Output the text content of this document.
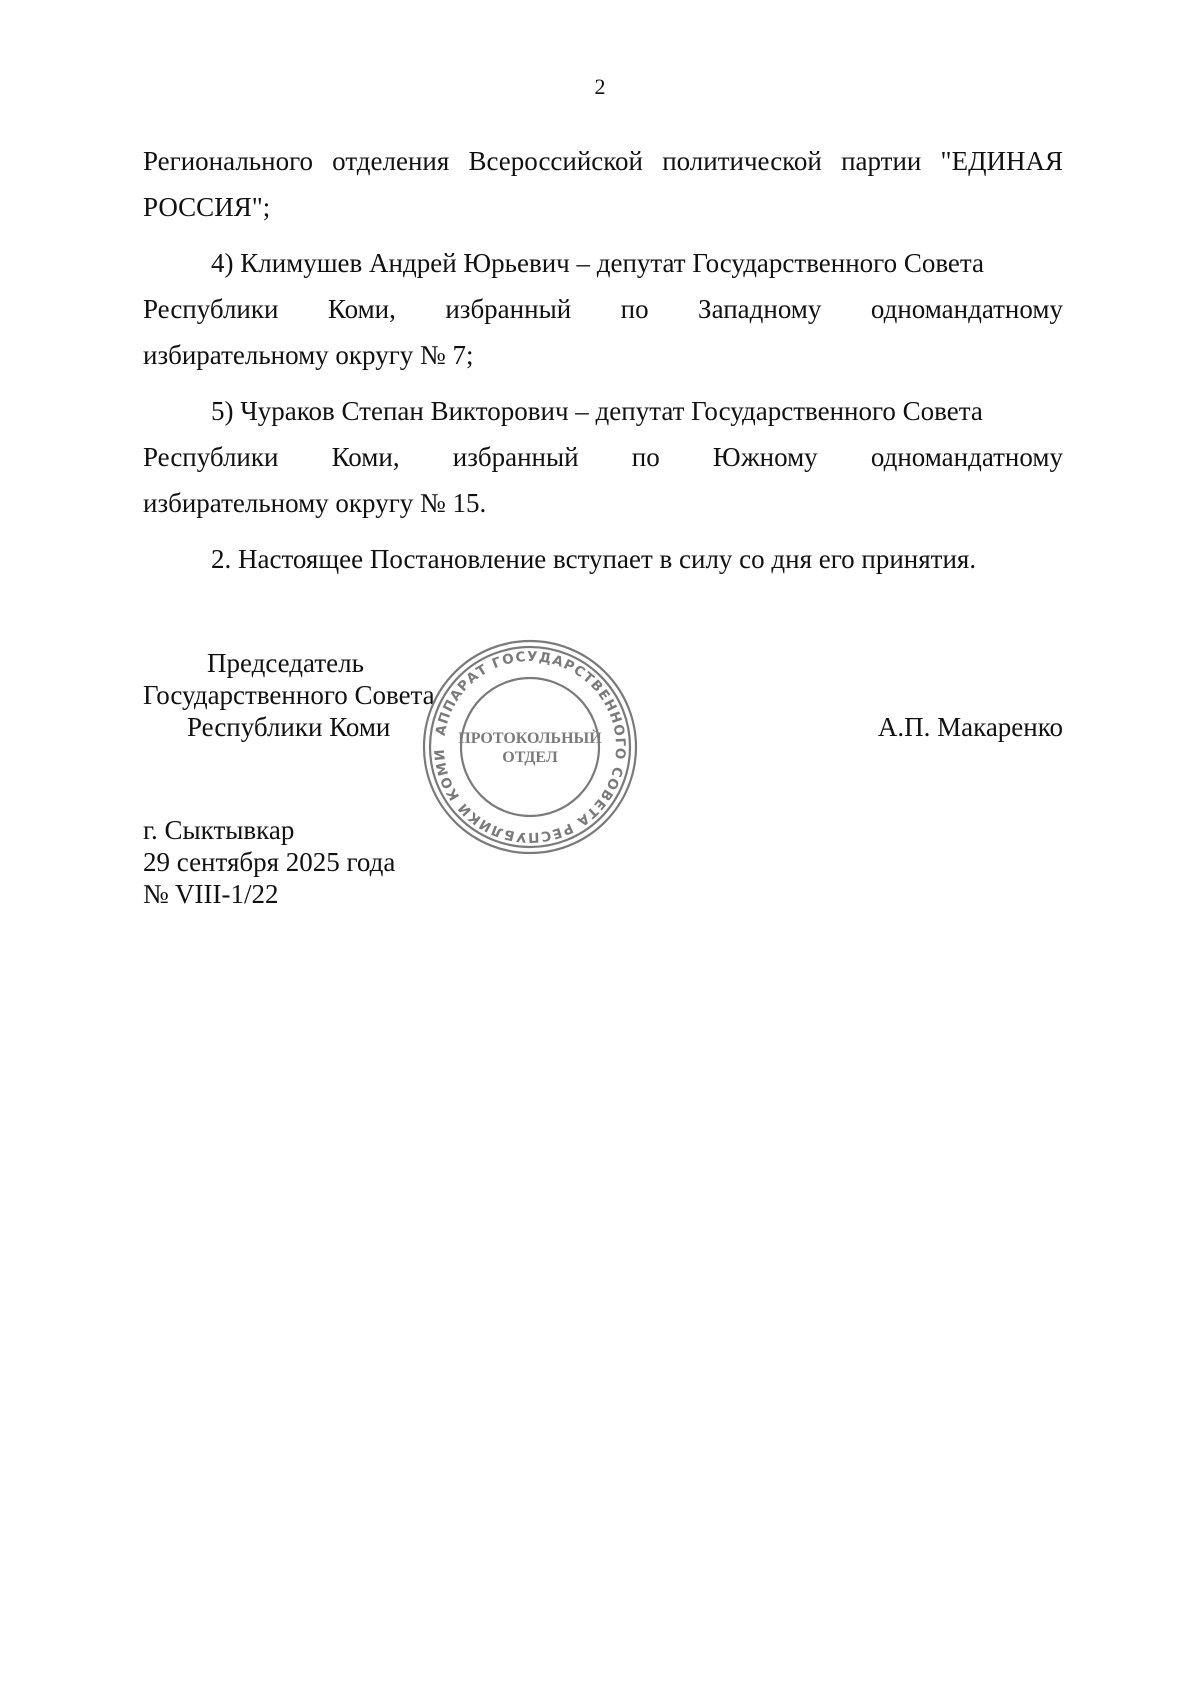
2

Регионального отделения Всероссийской политической партии "ЕДИНАЯ РОССИЯ";

4) Климушев Андрей Юрьевич – депутат Государственного Совета
Республики Коми, избранный по Западному одномандатному
избирательному округу № 7;
5) Чураков Степан Викторович – депутат Государственного Совета
Республики Коми, избранный по Южному одномандатному
избирательному округу № 15.

2. Настоящее Постановление вступает в силу со дня его принятия.

Председатель
Государственного Совета
Республики Коми	А.П. Макаренко
АППАРАТ ГОСУДАРСТВЕННОГО СОВЕТА РЕСПУБЛИКИ КОМИ
ПРОТОКОЛЬНЫЙ
ОТДЕЛ
г. Сыктывкар
29 сентября 2025 года
№ VIII-1/22
